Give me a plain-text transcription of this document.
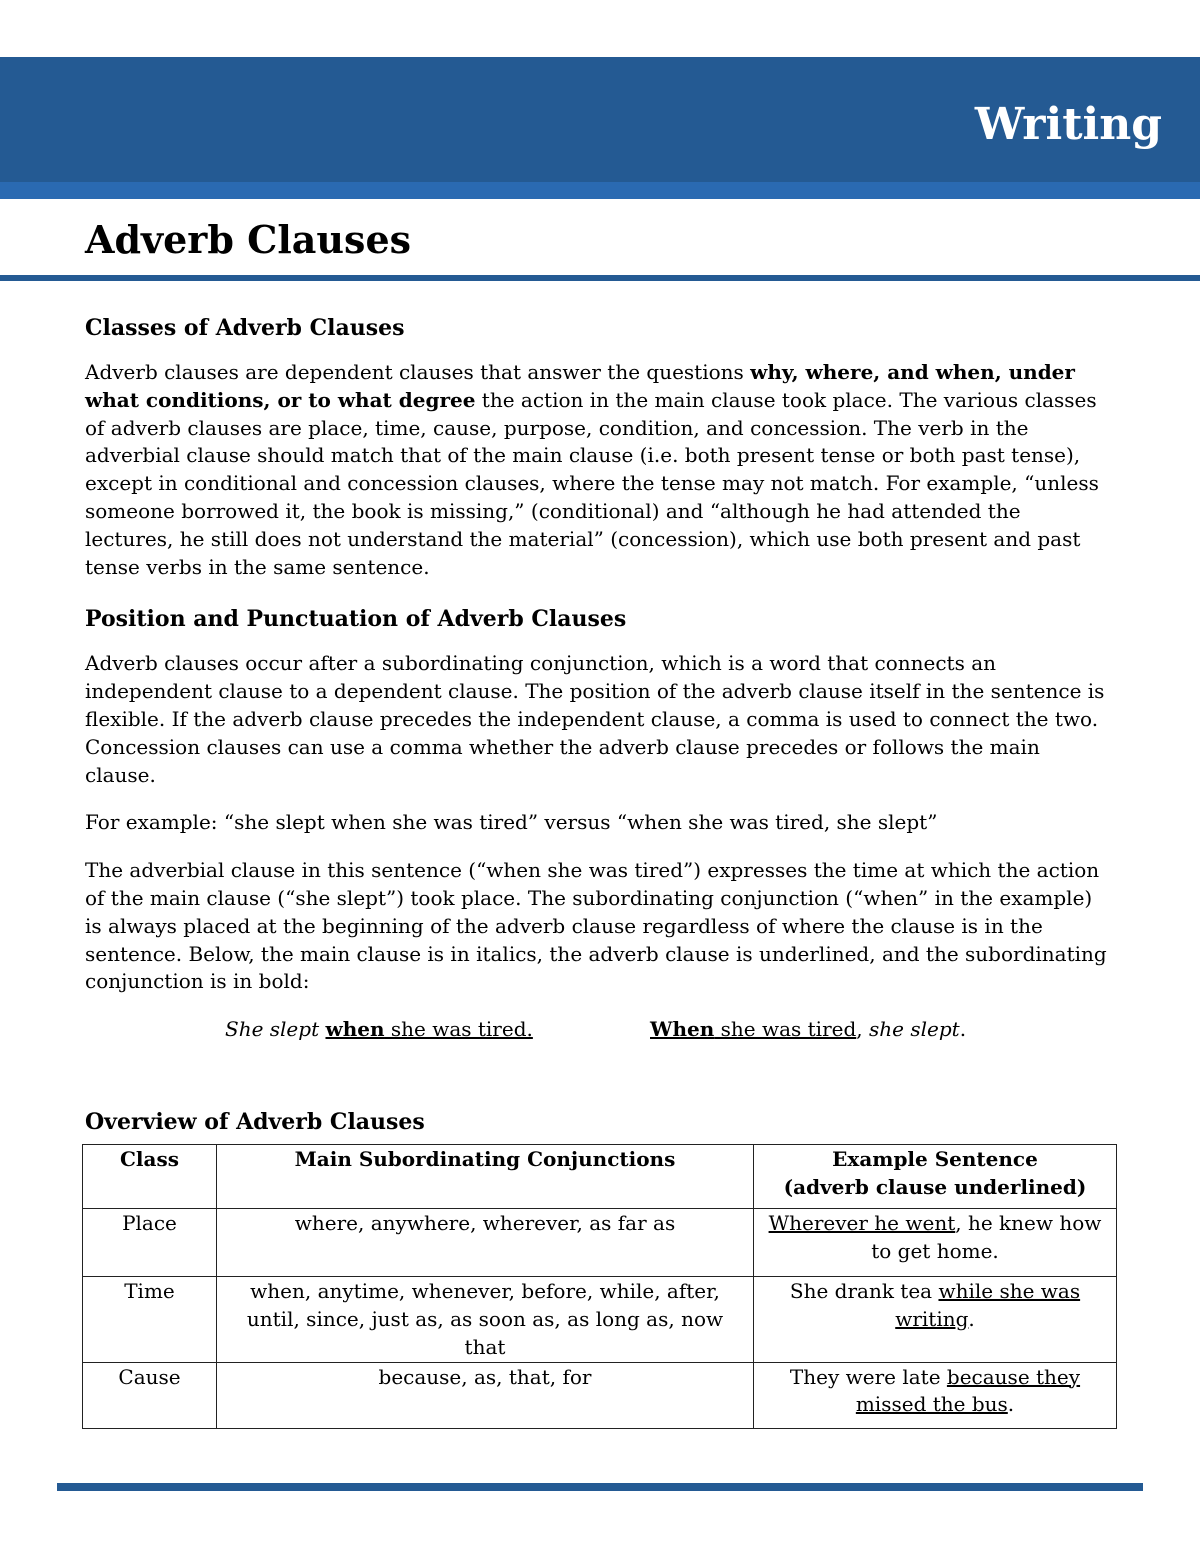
Writing
Adverb Clauses
Classes of Adverb Clauses

Adverb clauses are dependent clauses that answer the questions why, where, and when, under what conditions, or to what degree the action in the main clause took place. The various classes of adverb clauses are place, time, cause, purpose, condition, and concession. The verb in the adverbial clause should match that of the main clause (i.e. both present tense or both past tense), except in conditional and concession clauses, where the tense may not match. For example, “unless someone borrowed it, the book is missing,” (conditional) and “although he had attended the lectures, he still does not understand the material” (concession), which use both present and past tense verbs in the same sentence.

Position and Punctuation of Adverb Clauses

Adverb clauses occur after a subordinating conjunction, which is a word that connects an independent clause to a dependent clause. The position of the adverb clause itself in the sentence is flexible. If the adverb clause precedes the independent clause, a comma is used to connect the two. Concession clauses can use a comma whether the adverb clause precedes or follows the main clause.

For example: “she slept when she was tired” versus “when she was tired, she slept”

The adverbial clause in this sentence (“when she was tired”) expresses the time at which the action of the main clause (“she slept”) took place. The subordinating conjunction (“when” in the example) is always placed at the beginning of the adverb clause regardless of where the clause is in the sentence. Below, the main clause is in italics, the adverb clause is underlined, and the subordinating conjunction is in bold:

She slept when she was tired.	When she was tired, she slept.
Overview of Adverb Clauses
Class	Main Subordinating Conjunctions	Example Sentence
(adverb clause underlined)
Place	where, anywhere, wherever, as far as	Wherever he went, he knew how to get home.
Time	when, anytime, whenever, before, while, after, until, since, just as, as soon as, as long as, now that	She drank tea while she was writing.
Cause	because, as, that, for	They were late because they missed the bus.
